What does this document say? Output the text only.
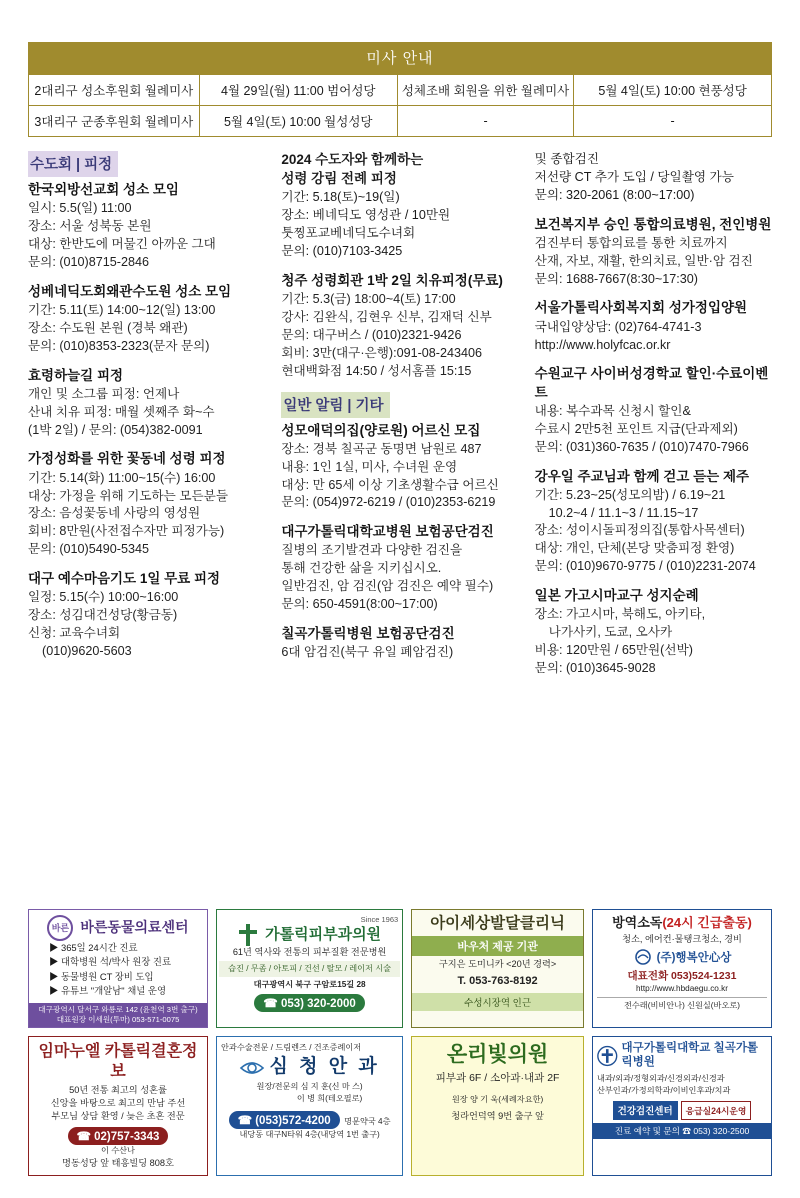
미사 안내
2대리구 성소후원회 월례미사	4월 29일(월) 11:00 범어성당	성체조배 회원을 위한 월례미사	5월 4일(토) 10:00 현풍성당
3대리구 군종후원회 월례미사	5월 4일(토) 10:00 월성성당	-	-
수도회 | 피정
한국외방선교회 성소 모임

일시: 5.5(일) 11:00

장소: 서울 성북동 본원

대상: 한반도에 머물긴 아까운 그대

문의: (010)8715-2846

성베네딕도회왜관수도원 성소 모임

기간: 5.11(토) 14:00~12(일) 13:00

장소: 수도원 본원 (경북 왜관)

문의: (010)8353-2323(문자 문의)

효령하늘길 피정

개인 및 소그룹 피정: 언제나

산내 치유 피정: 매월 셋째주 화~수

(1박 2일) / 문의: (054)382-0091

가정성화를 위한 꽃동네 성령 피정

기간: 5.14(화) 11:00~15(수) 16:00

대상: 가정을 위해 기도하는 모든분들

장소: 음성꽃동네 사랑의 영성원

회비: 8만원(사전접수자만 피정가능)

문의: (010)5490-5345

대구 예수마음기도 1일 무료 피정

일정: 5.15(수) 10:00~16:00

장소: 성김대건성당(황금동)

신청: 교육수녀회

(010)9620-5603

2024 수도자와 함께하는
성령 강림 전례 피정

기간: 5.18(토)~19(일)

장소: 베네딕도 영성관 / 10만원

툿찡포교베네딕도수녀회

문의: (010)7103-3425

청주 성령회관 1박 2일 치유피정(무료)

기간: 5.3(금) 18:00~4(토) 17:00

강사: 김완식, 김현우 신부, 김재덕 신부

문의: 대구버스 / (010)2321-9426

회비: 3만(대구·은행):091-08-243406

현대백화점 14:50 / 성서홈플 15:15

일반 알림 | 기타
성모애덕의집(양로원) 어르신 모집

장소: 경북 칠곡군 동명면 남원로 487

내용: 1인 1실, 미사, 수녀원 운영

대상: 만 65세 이상 기초생활수급 어르신

문의: (054)972-6219 / (010)2353-6219

대구가톨릭대학교병원 보험공단검진

질병의 조기발견과 다양한 검진을

통해 건강한 삶을 지키십시오.

일반검진, 암 검진(암 검진은 예약 필수)

문의: 650-4591(8:00~17:00)

칠곡가톨릭병원 보험공단검진

6대 암검진(북구 유일 폐암검진)

및 종합검진

저선량 CT 추가 도입 / 당일촬영 가능

문의: 320-2061 (8:00~17:00)

보건복지부 승인 통합의료병원, 전인병원

검진부터 통합의료를 통한 치료까지

산재, 자보, 재활, 한의치료, 일반·암 검진

문의: 1688-7667(8:30~17:30)

서울가톨릭사회복지회 성가정입양원

국내입양상담: (02)764-4741-3

http://www.holyfcac.or.kr

수원교구 사이버성경학교 할인·수료이벤트

내용: 복수과목 신청시 할인&

수료시 2만5천 포인트 지급(단과제외)

문의: (031)360-7635 / (010)7470-7966

강우일 주교님과 함께 걷고 듣는 제주

기간: 5.23~25(성모의밤) / 6.19~21

10.2~4 / 11.1~3 / 11.15~17

장소: 성이시돌피정의집(통합사목센터)

대상: 개인, 단체(본당 맞춤피정 환영)

문의: (010)9670-9775 / (010)2231-2074

일본 가고시마교구 성지순례

장소: 가고시마, 북해도, 아키타,

나가사키, 도쿄, 오사카

비용: 120만원 / 65만원(선박)

문의: (010)3645-9028

바른 바른동물의료센터
▶ 365일 24시간 진료
▶ 대학병원 석/박사 원장 진료
▶ 동물병원 CT 장비 도입
▶ 유튜브 "개알남" 채널 운영
대구광역시 달서구 와룡로 142 (윤천역 3번 출구)
대표원장 이세원(투마) 053-571-0075
Since 1963
가톨릭피부과의원
61년 역사와 전통의 피부질환 전문병원
습진 / 무좀 / 아토피 / 건선 / 탈모 / 레이저 시술
대구광역시 북구 구암로15길 28
☎ 053) 320-2000
아이세상발달클리닉
바우처 제공 기관
구지은 도미니카 <20년 경력>
T. 053-763-8192
수성시장역 인근
방역소독(24시 긴급출동)
청소, 에어컨·물탱크청소, 경비
(주)행복안心상
대표전화 053)524-1231
http://www.hbdaegu.co.kr
전수래(비비안나) 신원실(바오로)
임마누엘 카톨릭결혼정보
50년 전통 최고의 성혼률
신앙을 바탕으로 최고의 만남 주선
부모님 상담 환영 / 늦은 초혼 전문
☎ 02)757-3343
이 수산나
명동성당 앞 태흥빌딩 808호
안과수술전문 / 드림렌즈 / 건조증례이저
심 청 안 과
원장/전문의 심 지 훈(신 마 스)
이 병 희(테오필로)
☎ (053)572-4200 명문약국 4층
내당동 대구N타워 4층(내당역 1번 출구)
온리빛의원
피부과 6F / 소아과·내과 2F
원장 양 기 욱(세례자요한)
청라언덕역 9번 출구 앞
대구가톨릭대학교 칠곡가톨릭병원
내과/외과/정형외과/신경외과/신경과
산부인과/가정의학과/이비인후과/치과
건강검진센터	응급실24시운영
진료 예약 및 문의 ☎ 053) 320-2500
